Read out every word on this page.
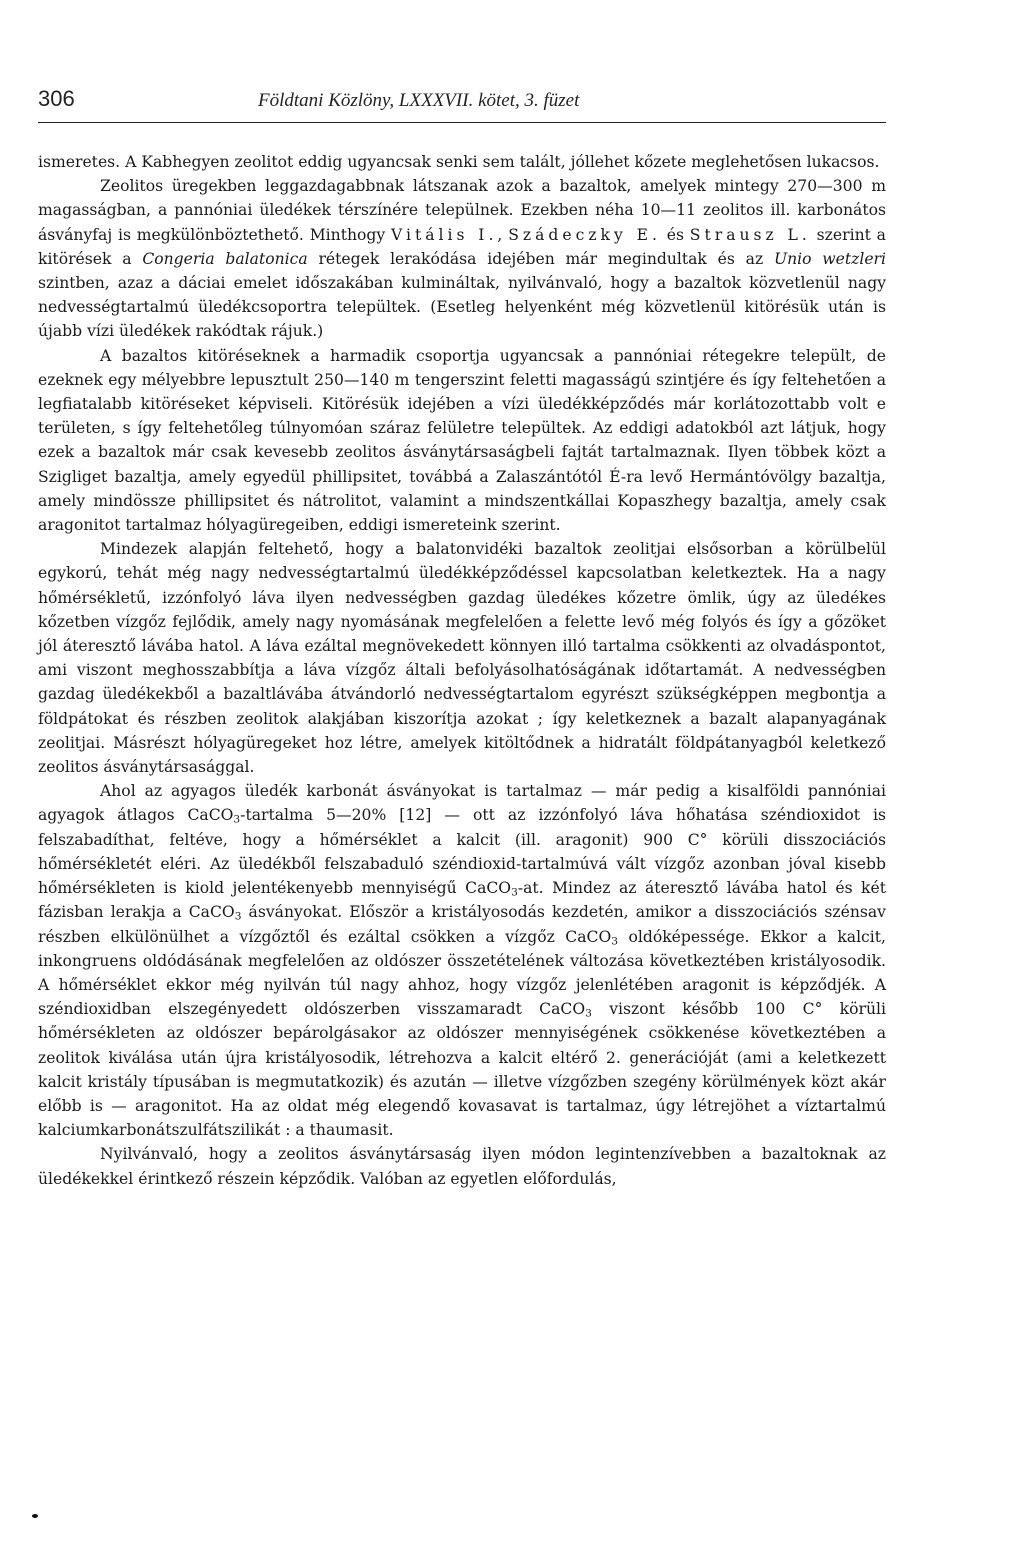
306	Földtani Közlöny, LXXXVII. kötet, 3. füzet

ismeretes. A Kabhegyen zeolitot eddig ugyancsak senki sem talált, jóllehet kőzete meglehetősen lukacsos.

Zeolitos üregekben leggazdagabbnak látszanak azok a bazaltok, amelyek mintegy 270—300 m magasságban, a pannóniai üledékek térszínére települnek. Ezekben néha 10—11 zeolitos ill. karbonátos ásványfaj is megkülönböztethető. Minthogy Vitális I., Szádeczky E. és Strausz L. szerint a kitörések a Congeria balatonica rétegek lerakódása idejében már megindultak és az Unio wetzleri szintben, azaz a dáciai emelet időszakában kulmináltak, nyilvánvaló, hogy a bazaltok közvetlenül nagy nedvességtartalmú üledékcsoportra települtek. (Esetleg helyenként még közvetlenül kitörésük után is újabb vízi üledékek rakódtak rájuk.)

A bazaltos kitöréseknek a harmadik csoportja ugyancsak a pannóniai rétegekre települt, de ezeknek egy mélyebbre lepusztult 250—140 m tengerszint feletti magasságú szintjére és így feltehetően a legfiatalabb kitöréseket képviseli. Kitörésük idejében a vízi üledékképződés már korlátozottabb volt e területen, s így feltehetőleg túlnyomóan száraz felületre települtek. Az eddigi adatokból azt látjuk, hogy ezek a bazaltok már csak kevesebb zeolitos ásványtársaságbeli fajtát tartalmaznak. Ilyen többek közt a Szigliget bazaltja, amely egyedül phillipsitet, továbbá a Zalaszántótól É-ra levő Hermántóvölgy bazaltja, amely mindössze phillipsitet és nátrolitot, valamint a mindszentkállai Kopaszhegy bazaltja, amely csak aragonitot tartalmaz hólyagüregeiben, eddigi ismereteink szerint.

Mindezek alapján feltehető, hogy a balatonvidéki bazaltok zeolitjai elsősorban a körülbelül egykorú, tehát még nagy nedvességtartalmú üledékképződéssel kapcsolatban keletkeztek. Ha a nagy hőmérsékletű, izzónfolyó láva ilyen nedvességben gazdag üledékes kőzetre ömlik, úgy az üledékes kőzetben vízgőz fejlődik, amely nagy nyomásának megfelelően a felette levő még folyós és így a gőzöket jól áteresztő lávába hatol. A láva ezáltal megnövekedett könnyen illó tartalma csökkenti az olvadáspontot, ami viszont meghosszabbítja a láva vízgőz általi befolyásolhatóságának időtartamát. A nedvességben gazdag üledékekből a bazaltlávába átvándorló nedvességtartalom egyrészt szükségképpen megbontja a földpátokat és részben zeolitok alakjában kiszorítja azokat ; így keletkeznek a bazalt alapanyagának zeolitjai. Másrészt hólyagüregeket hoz létre, amelyek kitöltődnek a hidratált földpátanyagból keletkező zeolitos ásványtársasággal.

Ahol az agyagos üledék karbonát ásványokat is tartalmaz — már pedig a kisalföldi pannóniai agyagok átlagos CaCO$_3$-tartalma 5—20% [12] — ott az izzónfolyó láva hőhatása széndioxidot is felszabadíthat, feltéve, hogy a hőmérséklet a kalcit (ill. aragonit) 900 C° körüli disszociációs hőmérsékletét eléri. Az üledékből felszabaduló széndioxid-tartalmúvá vált vízgőz azonban jóval kisebb hőmérsékleten is kiold jelentékenyebb mennyiségű CaCO$_3$-at. Mindez az áteresztő lávába hatol és két fázisban lerakja a CaCO$_3$ ásványokat. Először a kristályosodás kezdetén, amikor a disszociációs szénsav részben elkülönülhet a vízgőztől és ezáltal csökken a vízgőz CaCO$_3$ oldóképessége. Ekkor a kalcit, inkongruens oldódásának megfelelően az oldószer összetételének változása következtében kristályosodik. A hőmérséklet ekkor még nyilván túl nagy ahhoz, hogy vízgőz jelenlétében aragonit is képződjék. A széndioxidban elszegényedett oldószerben visszamaradt CaCO$_3$ viszont később 100 C° körüli hőmérsékleten az oldószer bepárolgásakor az oldószer mennyiségének csökkenése következtében a zeolitok kiválása után újra kristályosodik, létrehozva a kalcit eltérő 2. generációját (ami a keletkezett kalcit kristály típusában is megmutatkozik) és azután — illetve vízgőzben szegény körülmények közt akár előbb is — aragonitot. Ha az oldat még elegendő kovasavat is tartalmaz, úgy létrejöhet a víztartalmú kalciumkarbonátszulfátszilikát : a thaumasit.

Nyilvánvaló, hogy a zeolitos ásványtársaság ilyen módon legintenzívebben a bazaltoknak az üledékekkel érintkező részein képződik. Valóban az egyetlen előfordulás,
